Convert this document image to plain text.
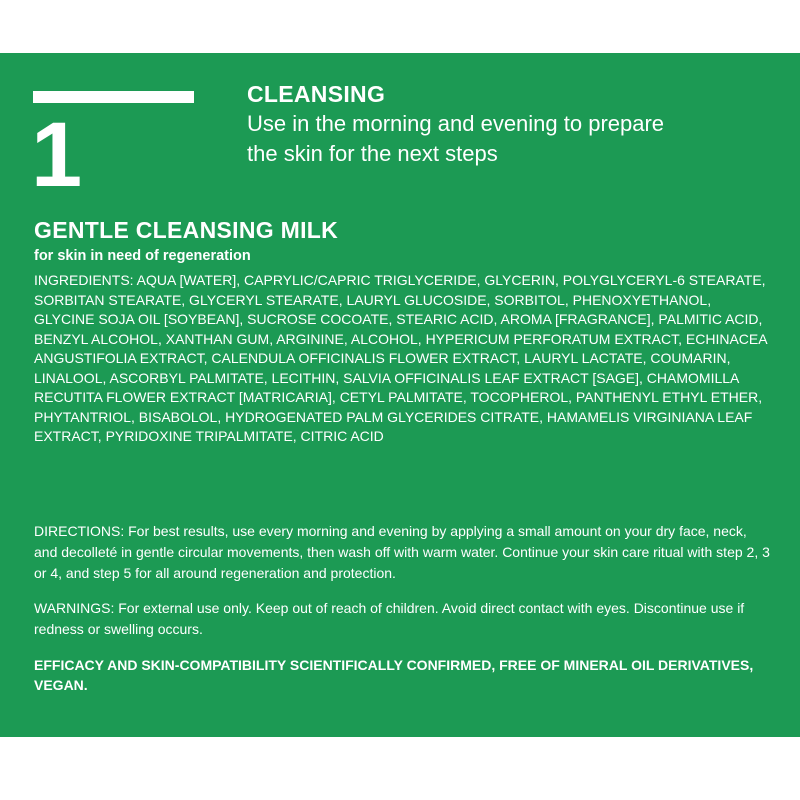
1
CLEANSING
Use in the morning and evening to prepare the skin for the next steps
GENTLE CLEANSING MILK
for skin in need of regeneration
INGREDIENTS: AQUA [WATER], CAPRYLIC/CAPRIC TRIGLYCERIDE, GLYCERIN, POLYGLYCERYL-6 STEARATE, SORBITAN STEARATE, GLYCERYL STEARATE, LAURYL GLUCOSIDE, SORBITOL, PHENOXYETHANOL, GLYCINE SOJA OIL [SOYBEAN], SUCROSE COCOATE, STEARIC ACID, AROMA [FRAGRANCE], PALMITIC ACID, BENZYL ALCOHOL, XANTHAN GUM, ARGININE, ALCOHOL, HYPERICUM PERFORATUM EXTRACT, ECHINACEA ANGUSTIFOLIA EXTRACT, CALENDULA OFFICINALIS FLOWER EXTRACT, LAURYL LACTATE, COUMARIN, LINALOOL, ASCORBYL PALMITATE, LECITHIN, SALVIA OFFICINALIS LEAF EXTRACT [SAGE], CHAMOMILLA RECUTITA FLOWER EXTRACT [MATRICARIA], CETYL PALMITATE, TOCOPHEROL, PANTHENYL ETHYL ETHER, PHYTANTRIOL, BISABOLOL, HYDROGENATED PALM GLYCERIDES CITRATE, HAMAMELIS VIRGINIANA LEAF EXTRACT, PYRIDOXINE TRIPALMITATE, CITRIC ACID
DIRECTIONS: For best results, use every morning and evening by applying a small amount on your dry face, neck, and decolleté in gentle circular movements, then wash off with warm water. Continue your skin care ritual with step 2, 3 or 4, and step 5 for all around regeneration and protection.
WARNINGS: For external use only. Keep out of reach of children. Avoid direct contact with eyes. Discontinue use if redness or swelling occurs.
EFFICACY AND SKIN-COMPATIBILITY SCIENTIFICALLY CONFIRMED, FREE OF MINERAL OIL DERIVATIVES, VEGAN.
